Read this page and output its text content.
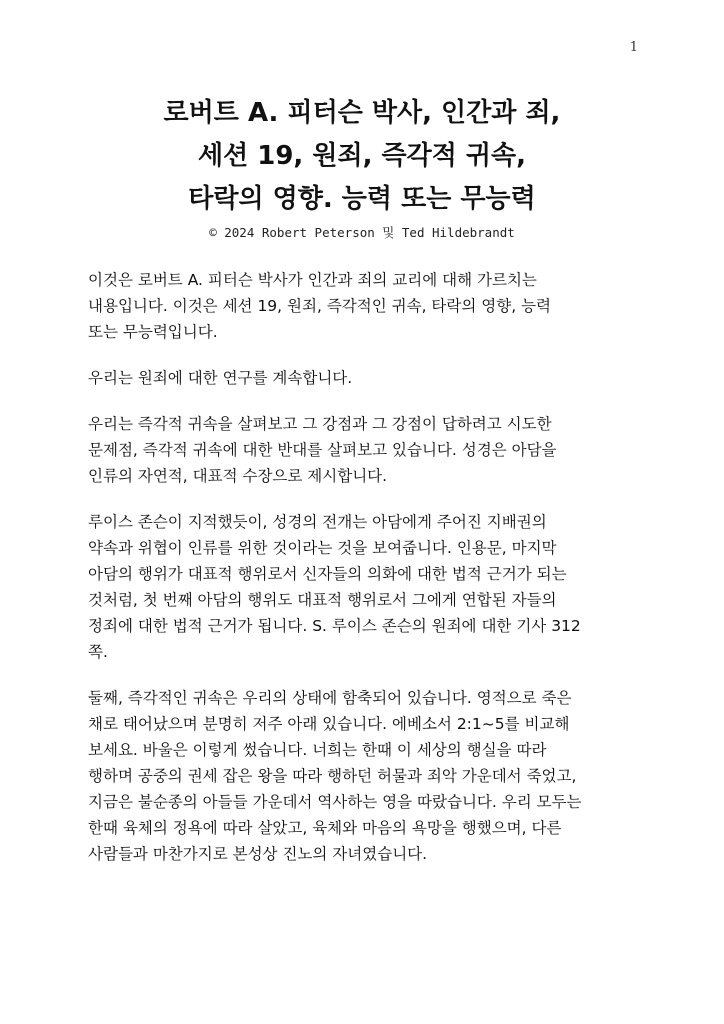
1
로버트 A. 피터슨 박사, 인간과 죄,
세션 19, 원죄, 즉각적 귀속,
타락의 영향. 능력 또는 무능력
© 2024 Robert Peterson 및 Ted Hildebrandt

이것은 로버트 A. 피터슨 박사가 인간과 죄의 교리에 대해 가르치는
내용입니다. 이것은 세션 19, 원죄, 즉각적인 귀속, 타락의 영향, 능력
또는 무능력입니다.

우리는 원죄에 대한 연구를 계속합니다.

우리는 즉각적 귀속을 살펴보고 그 강점과 그 강점이 답하려고 시도한
문제점, 즉각적 귀속에 대한 반대를 살펴보고 있습니다. 성경은 아담을
인류의 자연적, 대표적 수장으로 제시합니다.

루이스 존슨이 지적했듯이, 성경의 전개는 아담에게 주어진 지배권의
약속과 위협이 인류를 위한 것이라는 것을 보여줍니다. 인용문, 마지막
아담의 행위가 대표적 행위로서 신자들의 의화에 대한 법적 근거가 되는
것처럼, 첫 번째 아담의 행위도 대표적 행위로서 그에게 연합된 자들의
정죄에 대한 법적 근거가 됩니다. S. 루이스 존슨의 원죄에 대한 기사 312
쪽.

둘째, 즉각적인 귀속은 우리의 상태에 함축되어 있습니다. 영적으로 죽은
채로 태어났으며 분명히 저주 아래 있습니다. 에베소서 2:1~5를 비교해
보세요. 바울은 이렇게 썼습니다. 너희는 한때 이 세상의 행실을 따라
행하며 공중의 권세 잡은 왕을 따라 행하던 허물과 죄악 가운데서 죽었고,
지금은 불순종의 아들들 가운데서 역사하는 영을 따랐습니다. 우리 모두는
한때 육체의 정욕에 따라 살았고, 육체와 마음의 욕망을 행했으며, 다른
사람들과 마찬가지로 본성상 진노의 자녀였습니다.
